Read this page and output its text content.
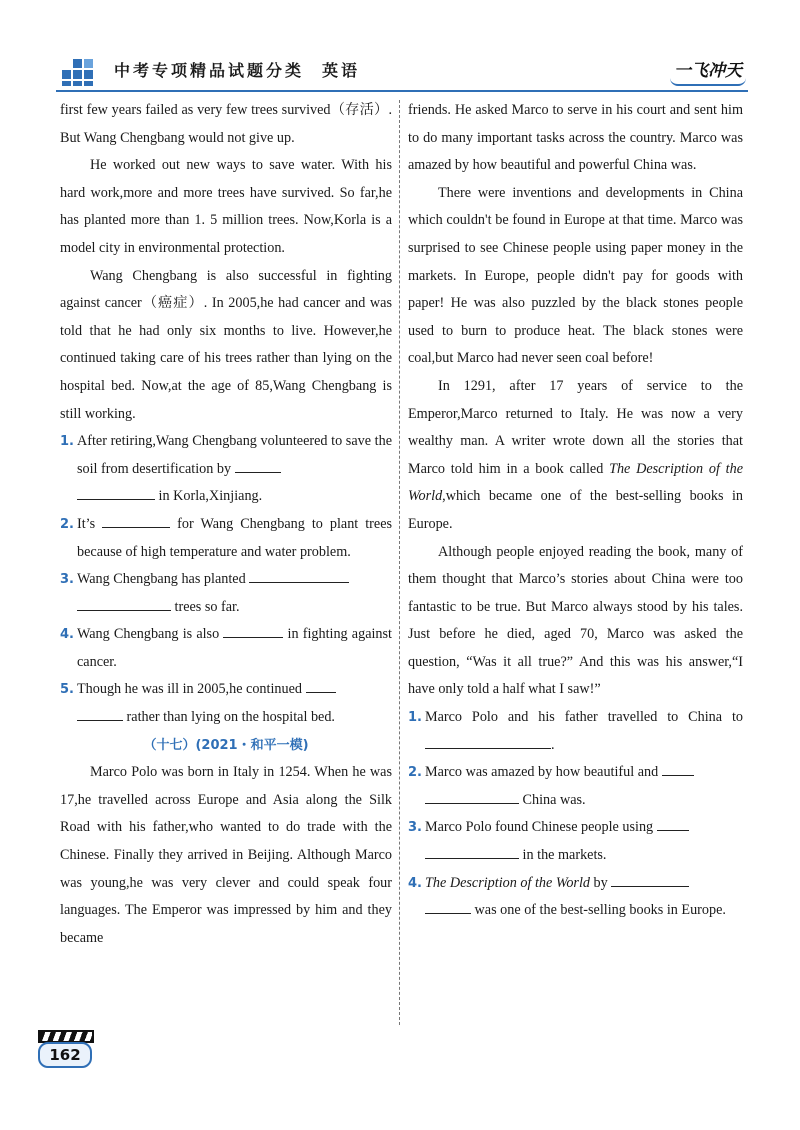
中考专项精品试题分类 英语	一飞冲天

first few years failed as very few trees survived（存活）. But Wang Chengbang would not give up.

He worked out new ways to save water. With his hard work,more and more trees have survived. So far,he has planted more than 1. 5 million trees. Now,Korla is a model city in environmental protection.

Wang Chengbang is also successful in fighting against cancer（癌症）. In 2005,he had cancer and was told that he had only six months to live. However,he continued taking care of his trees rather than lying on the hospital bed. Now,at the age of 85,Wang Chengbang is still working.

1. After retiring,Wang Chengbang volunteered to save the soil from desertification by
in Korla,Xinjiang.
2. It’s	for Wang Chengbang to plant trees because of high temperature and water problem.
3. Wang Chengbang has planted
trees so far.
4. Wang Chengbang is also	in fighting against cancer.
5. Though he was ill in 2005,he continued
rather than lying on the hospital bed.
（十七）(2021・和平一模)

Marco Polo was born in Italy in 1254. When he was 17,he travelled across Europe and Asia along the Silk Road with his father,who wanted to do trade with the Chinese. Finally they arrived in Beijing. Although Marco was young,he was very clever and could speak four languages. The Emperor was impressed by him and they became

friends. He asked Marco to serve in his court and sent him to do many important tasks across the country. Marco was amazed by how beautiful and powerful China was.

There were inventions and developments in China which couldn't be found in Europe at that time. Marco was surprised to see Chinese people using paper money in the markets. In Europe, people didn't pay for goods with paper! He was also puzzled by the black stones people used to burn to produce heat. The black stones were coal,but Marco had never seen coal before!

In 1291, after 17 years of service to the Emperor,Marco returned to Italy. He was now a very wealthy man. A writer wrote down all the stories that Marco told him in a book called The Description of the World,which became one of the best-selling books in Europe.

Although people enjoyed reading the book, many of them thought that Marco’s stories about China were too fantastic to be true. But Marco always stood by his tales. Just before he died, aged 70, Marco was asked the question, “Was it all true?” And this was his answer,“I have only told a half what I saw!”

1. Marco Polo and his father travelled to China to .
2. Marco was amazed by how beautiful and
China was.
3. Marco Polo found Chinese people using
in the markets.
4. The Description of the World by
was one of the best-selling books in Europe.
162
